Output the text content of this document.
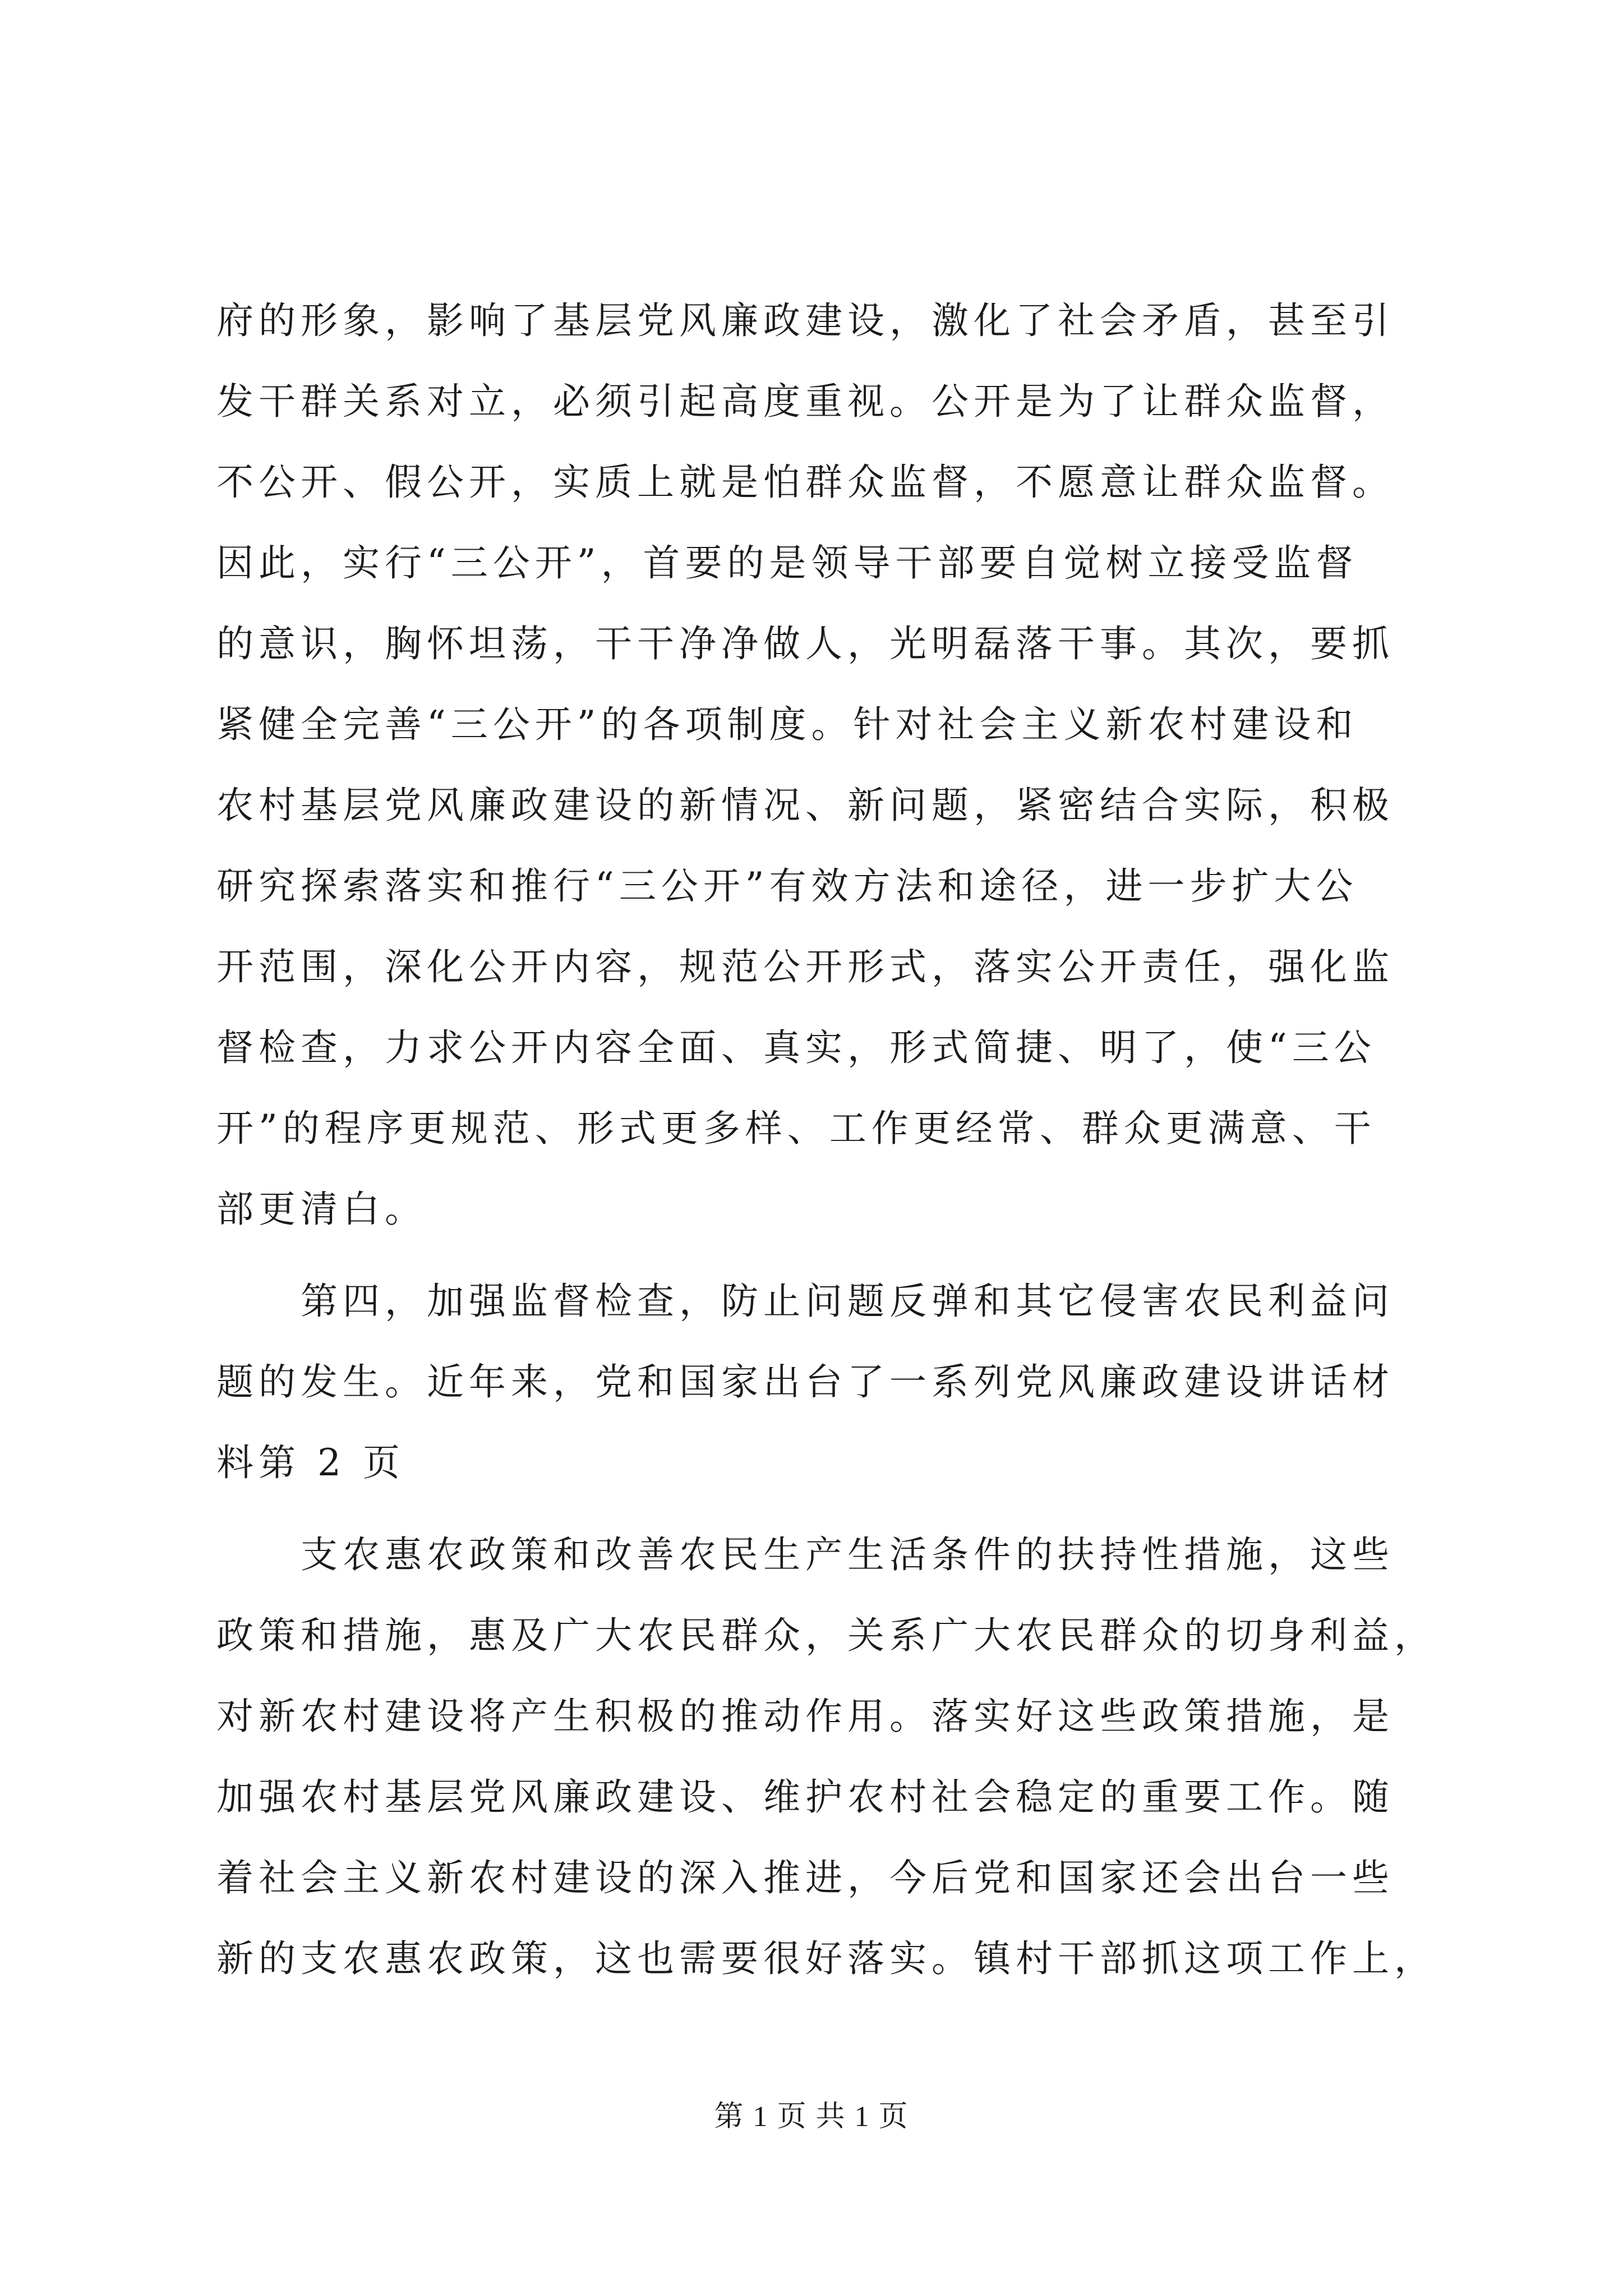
府的形象，影响了基层党风廉政建设，激化了社会矛盾，甚至引
发干群关系对立，必须引起高度重视。公开是为了让群众监督，
不公开、假公开，实质上就是怕群众监督，不愿意让群众监督。
因此，实行“三公开”，首要的是领导干部要自觉树立接受监督
的意识，胸怀坦荡，干干净净做人，光明磊落干事。其次，要抓
紧健全完善“三公开”的各项制度。针对社会主义新农村建设和
农村基层党风廉政建设的新情况、新问题，紧密结合实际，积极
研究探索落实和推行“三公开”有效方法和途径，进一步扩大公
开范围，深化公开内容，规范公开形式，落实公开责任，强化监
督检查，力求公开内容全面、真实，形式简捷、明了，使“三公
开”的程序更规范、形式更多样、工作更经常、群众更满意、干
部更清白。
第四，加强监督检查，防止问题反弹和其它侵害农民利益问
题的发生。近年来，党和国家出台了一系列党风廉政建设讲话材
料第 2 页
支农惠农政策和改善农民生产生活条件的扶持性措施，这些
政策和措施，惠及广大农民群众，关系广大农民群众的切身利益，
对新农村建设将产生积极的推动作用。落实好这些政策措施，是
加强农村基层党风廉政建设、维护农村社会稳定的重要工作。随
着社会主义新农村建设的深入推进，今后党和国家还会出台一些
新的支农惠农政策，这也需要很好落实。镇村干部抓这项工作上，
第 1 页 共 1 页
